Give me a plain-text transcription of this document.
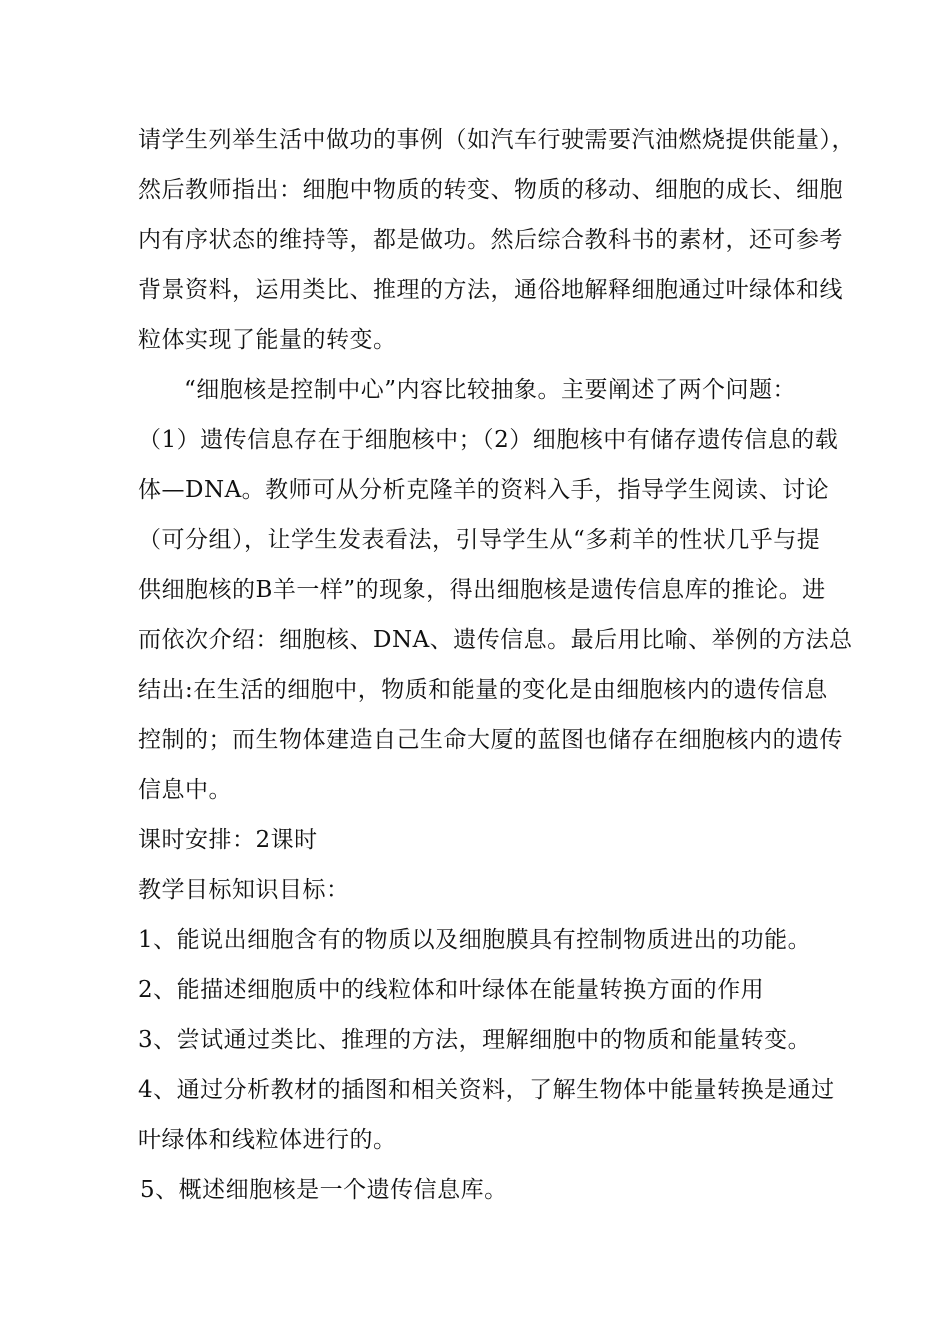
请学生列举生活中做功的事例（如汽车行驶需要汽油燃烧提供能量），
然后教师指出：细胞中物质的转变、物质的移动、细胞的成长、细胞
内有序状态的维持等，都是做功。然后综合教科书的素材，还可参考
背景资料，运用类比、推理的方法，通俗地解释细胞通过叶绿体和线
粒体实现了能量的转变。
“细胞核是控制中心”内容比较抽象。主要阐述了两个问题：
（1）遗传信息存在于细胞核中；（2）细胞核中有储存遗传信息的载
体—DNA。教师可从分析克隆羊的资料入手，指导学生阅读、讨论
（可分组），让学生发表看法，引导学生从“多莉羊的性状几乎与提
供细胞核的B羊一样”的现象，得出细胞核是遗传信息库的推论。进
而依次介绍：细胞核、DNA、遗传信息。最后用比喻、举例的方法总
结出:在生活的细胞中，物质和能量的变化是由细胞核内的遗传信息
控制的；而生物体建造自己生命大厦的蓝图也储存在细胞核内的遗传
信息中。
课时安排：2课时
教学目标知识目标：
1、能说出细胞含有的物质以及细胞膜具有控制物质进出的功能。
2、能描述细胞质中的线粒体和叶绿体在能量转换方面的作用
3、尝试通过类比、推理的方法，理解细胞中的物质和能量转变。
4、通过分析教材的插图和相关资料，了解生物体中能量转换是通过
叶绿体和线粒体进行的。
5、概述细胞核是一个遗传信息库。
